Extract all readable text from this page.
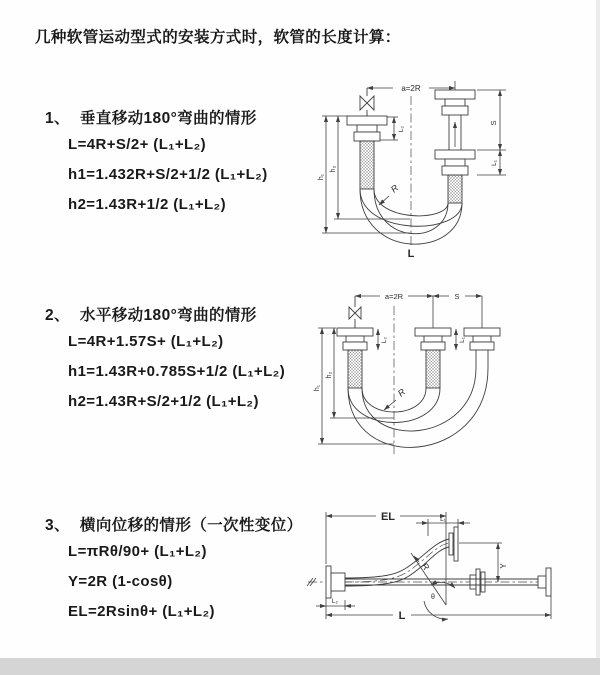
几种软管运动型式的安装方式时，软管的长度计算：
1、 垂直移动180°弯曲的情形
L=4R+S/2+ (L₁+L₂)
h1=1.432R+S/2+1/2 (L₁+L₂)
h2=1.43R+1/2 (L₁+L₂)
a=2R
S
L₁
L₂
h₁
h₂
R
L
2、 水平移动180°弯曲的情形
L=4R+1.57S+ (L₁+L₂)
h1=1.43R+0.785S+1/2 (L₁+L₂)
h2=1.43R+S/2+1/2 (L₁+L₂)
a=2R	S
L₂	L₁
h₁
h₂
R
3、 横向位移的情形（一次性变位）
L=πRθ/90+ (L₁+L₂)
Y=2R (1-cosθ)
EL=2Rsinθ+ (L₁+L₂)
EL	L₁
L₂
Y
L
R
θ
